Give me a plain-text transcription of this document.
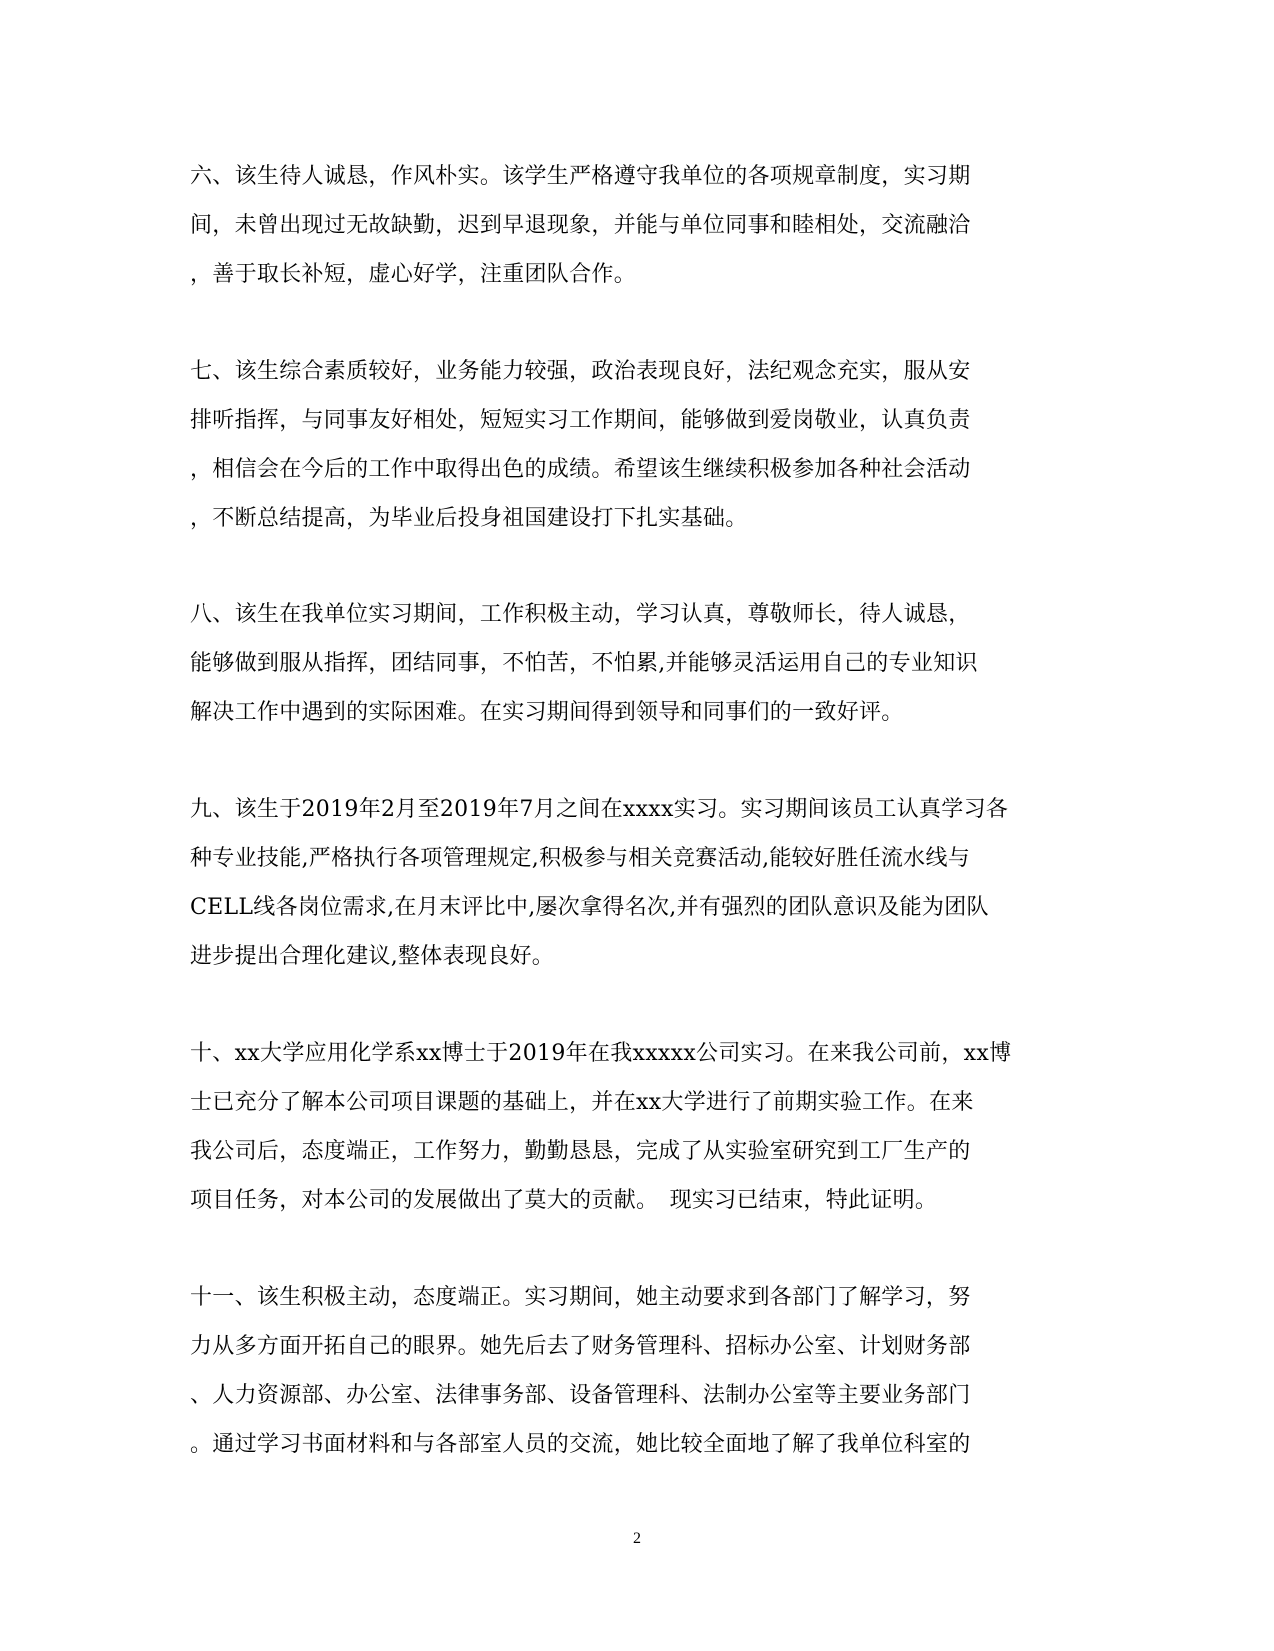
六、该生待人诚恳，作风朴实。该学生严格遵守我单位的各项规章制度，实习期
间，未曾出现过无故缺勤，迟到早退现象，并能与单位同事和睦相处，交流融洽
，善于取长补短，虚心好学，注重团队合作。
七、该生综合素质较好，业务能力较强，政治表现良好，法纪观念充实，服从安
排听指挥，与同事友好相处，短短实习工作期间，能够做到爱岗敬业，认真负责
，相信会在今后的工作中取得出色的成绩。希望该生继续积极参加各种社会活动
，不断总结提高，为毕业后投身祖国建设打下扎实基础。
八、该生在我单位实习期间，工作积极主动，学习认真，尊敬师长，待人诚恳，
能够做到服从指挥，团结同事，不怕苦，不怕累,并能够灵活运用自己的专业知识
解决工作中遇到的实际困难。在实习期间得到领导和同事们的一致好评。
九、该生于2019年2月至2019年7月之间在xxxx实习。实习期间该员工认真学习各
种专业技能,严格执行各项管理规定,积极参与相关竞赛活动,能较好胜任流水线与
CELL线各岗位需求,在月末评比中,屡次拿得名次,并有强烈的团队意识及能为团队
进步提出合理化建议,整体表现良好。
十、xx大学应用化学系xx博士于2019年在我xxxxx公司实习。在来我公司前，xx博
士已充分了解本公司项目课题的基础上，并在xx大学进行了前期实验工作。在来
我公司后，态度端正，工作努力，勤勤恳恳，完成了从实验室研究到工厂生产的
项目任务，对本公司的发展做出了莫大的贡献。　现实习已结束，特此证明。
十一、该生积极主动，态度端正。实习期间，她主动要求到各部门了解学习，努
力从多方面开拓自己的眼界。她先后去了财务管理科、招标办公室、计划财务部
、人力资源部、办公室、法律事务部、设备管理科、法制办公室等主要业务部门
。通过学习书面材料和与各部室人员的交流，她比较全面地了解了我单位科室的
2
